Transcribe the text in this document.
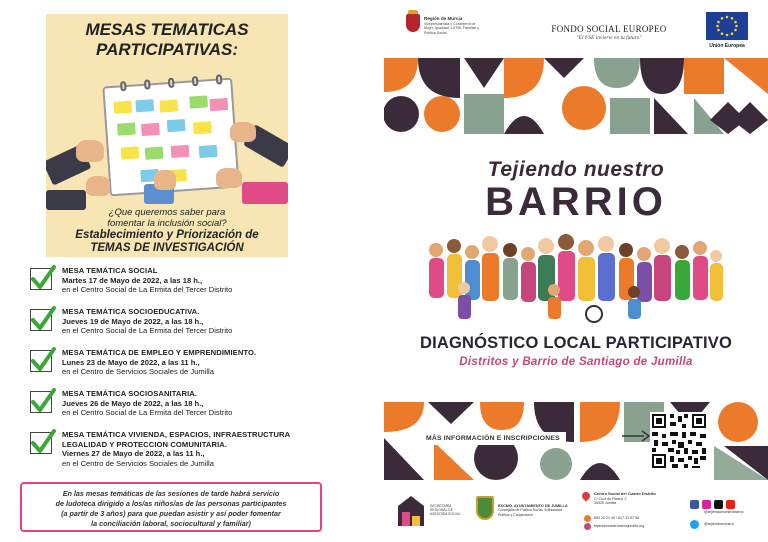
MESAS TEMATICAS
PARTICIPATIVAS:
¿Que queremos saber para
fomentar la inclusión social?
Establecimiento y Priorización de
TEMAS DE INVESTIGACIÓN
MESA TEMÁTICA SOCIAL
Martes 17 de Mayo de 2022, a las 18 h.,
en el Centro Social de La Ermita del Tercer Distrito
MESA TEMÁTICA SOCIOEDUCATIVA.
Jueves 19 de Mayo de 2022, a las 18 h.,
en el Centro Social de La Ermita del Tercer Distrito
MESA TEMÁTICA DE EMPLEO Y EMPRENDIMIENTO.
Lunes 23 de Mayo de 2022, a las 11 h.,
en el Centro de Servicios Sociales de Jumilla
MESA TEMÁTICA SOCIOSANITARIA.
Jueves 26 de Mayo de 2022, a las 18 h.,
en el Centro Social de La Ermita del Tercer Distrito
MESA TEMÁTICA VIVIENDA, ESPACIOS, INFRAESTRUCTURA
LEGALIDAD Y PROTECCION COMUNITARIA.
Viernes 27 de Mayo de 2022, a las 11 h.,
en el Centro de Servicios Sociales de Jumilla

En las mesas temáticas de las sesiones de tarde habrá servicio

de ludoteca dirigido a los/as niños/as de las personas participantes

(a partir de 3 años) para que puedan asistir y así poder fomentar

la conciliación laboral, sociocultural y familiar)

Región de Murcia
Vicepresidencia y Consejería de Mujer, Igualdad, LGTBI, Familias y Política Social	FONDO SOCIAL EUROPEO
"El FSE invierte en tu futuro"
Unión Europea
Tejiendo nuestro
BARRIO
DIAGNÓSTICO LOCAL PARTICIPATIVO
Distritos y Barrio de Santiago de Jumilla
MÁS INFORMACIÓN E INSCRIPCIONES
SECRETARÍA REGIONAL DE ASESORÍA SOCIAL
EXCMO. AYUNTAMIENTO DE JUMILLA
Concejalía de Política Social, Solidaridad Pública y Cooperación
Centro Social del Cuarto Distrito
C/ Cruz de Piedra, 2
30520 Jumilla
683 20 21 49 / 617 31 57 56
tejiendonuestrobarriojumilla.org
@tejiendonuestrobarrio
@tejiendonuestro
